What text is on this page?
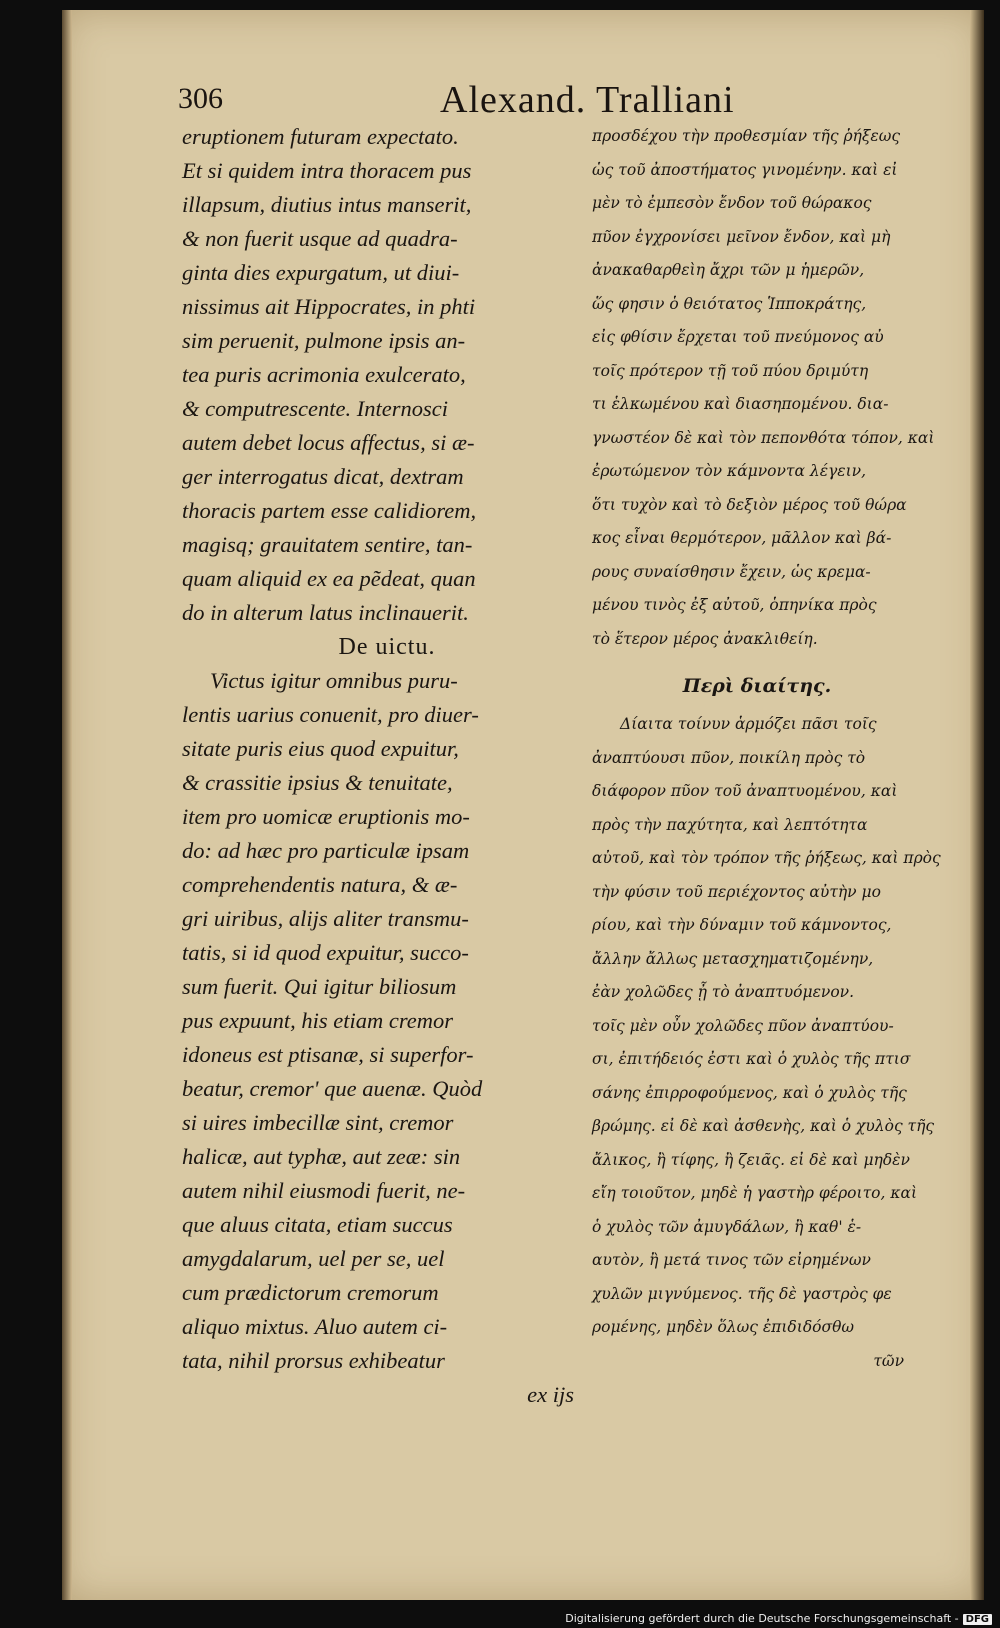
306	Alexand. Tralliani
eruptionem futuram expectato.
Et si quidem intra thoracem pus
illapsum, diutius intus manserit,
& non fuerit usque ad quadra-
ginta dies expurgatum, ut diui-
nissimus ait Hippocrates, in phti
sim peruenit, pulmone ipsis an-
tea puris acrimonia exulcerato,
& computrescente. Internosci
autem debet locus affectus, si æ-
ger interrogatus dicat, dextram
thoracis partem esse calidiorem,
magisq; grauitatem sentire, tan-
quam aliquid ex ea pẽdeat, quan
do in alterum latus inclinauerit.
De uictu.
Victus igitur omnibus puru-
lentis uarius conuenit, pro diuer-
sitate puris eius quod expuitur,
& crassitie ipsius & tenuitate,
item pro uomicæ eruptionis mo-
do: ad hæc pro particulæ ipsam
comprehendentis natura, & æ-
gri uiribus, alijs aliter transmu-
tatis, si id quod expuitur, succo-
sum fuerit. Qui igitur biliosum
pus expuunt, his etiam cremor
idoneus est ptisanæ, si superfor-
beatur, cremor' que auenæ. Quòd
si uires imbecillæ sint, cremor
halicæ, aut typhæ, aut zeæ: sin
autem nihil eiusmodi fuerit, ne-
que aluus citata, etiam succus
amygdalarum, uel per se, uel
cum prædictorum cremorum
aliquo mixtus. Aluo autem ci-
tata, nihil prorsus exhibeatur
ex ijs
προσδέχου τὴν προθεσμίαν τῆς ῥήξεως
ὡς τοῦ ἀποστήματος γινομένην. καὶ εἰ
μὲν τὸ ἐμπεσὸν ἔνδον τοῦ θώρακος
πῦον ἐγχρονίσει μεῖνον ἔνδον, καὶ μὴ
ἀνακαθαρθεὶη ἄχρι τῶν μ ἡμερῶν,
ὥς φησιν ὁ θειότατος Ἱπποκράτης,
εἰς φθίσιν ἔρχεται τοῦ πνεύμονος αὐ
τοῖς πρότερον τῇ τοῦ πύου δριμύτη
τι ἑλκωμένου καὶ διασηπομένου. δια-
γνωστέον δὲ καὶ τὸν πεπονθότα τόπον, καὶ
ἐρωτώμενον τὸν κάμνοντα λέγειν,
ὅτι τυχὸν καὶ τὸ δεξιὸν μέρος τοῦ θώρα
κος εἶναι θερμότερον, μᾶλλον καὶ βά-
ρους συναίσθησιν ἔχειν, ὡς κρεμα-
μένου τινὸς ἐξ αὐτοῦ, ὁπηνίκα πρὸς
τὸ ἕτερον μέρος ἀνακλιθείη.
Περὶ διαίτης.
Δίαιτα τοίνυν ἁρμόζει πᾶσι τοῖς
ἀναπτύουσι πῦον, ποικίλη πρὸς τὸ
διάφορον πῦον τοῦ ἀναπτυομένου, καὶ
πρὸς τὴν παχύτητα, καὶ λεπτότητα
αὐτοῦ, καὶ τὸν τρόπον τῆς ῥήξεως, καὶ πρὸς
τὴν φύσιν τοῦ περιέχοντος αὐτὴν μο
ρίου, καὶ τὴν δύναμιν τοῦ κάμνοντος,
ἄλλην ἄλλως μετασχηματιζομένην,
ἐὰν χολῶδες ᾖ τὸ ἀναπτυόμενον.
τοῖς μὲν οὖν χολῶδες πῦον ἀναπτύου-
σι, ἐπιτήδειός ἐστι καὶ ὁ χυλὸς τῆς πτισ
σάνης ἐπιρροφούμενος, καὶ ὁ χυλὸς τῆς
βρώμης. εἰ δὲ καὶ ἀσθενὴς, καὶ ὁ χυλὸς τῆς
ἄλικος, ἢ τίφης, ἢ ζειᾶς. εἰ δὲ καὶ μηδὲν
εἴη τοιοῦτον, μηδὲ ἡ γαστὴρ φέροιτο, καὶ
ὁ χυλὸς τῶν ἀμυγδάλων, ἢ καθ' ἑ-
αυτὸν, ἢ μετά τινος τῶν εἰρημένων
χυλῶν μιγνύμενος. τῆς δὲ γαστρὸς φε
ρομένης, μηδὲν ὅλως ἐπιδιδόσθω
τῶν
Digitalisierung gefördert durch die Deutsche Forschungsgemeinschaft - DFG
